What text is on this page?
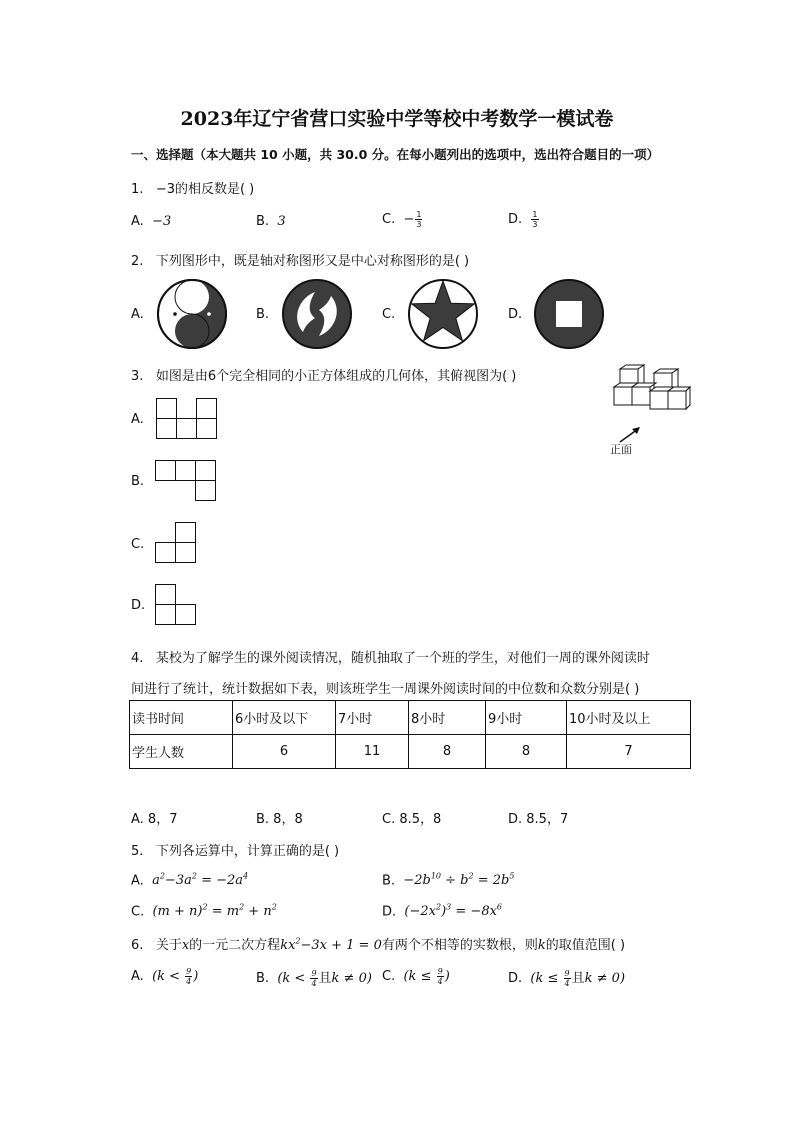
2023年辽宁省营口实验中学等校中考数学一模试卷
一、选择题（本大题共 10 小题，共 30.0 分。在每小题列出的选项中，选出符合题目的一项）
1. −3的相反数是( )
A. −3	B. 3	C. − $\frac{1}{3}$	D. $\frac{1}{3}$
2. 下列图形中，既是轴对称图形又是中心对称图形的是( )
A.	B.	C.	D.
3. 如图是由6个完全相同的小正方体组成的几何体，其俯视图为( )
正面
A.
B.
C.
D.
4. 某校为了解学生的课外阅读情况，随机抽取了一个班的学生，对他们一周的课外阅读时
间进行了统计，统计数据如下表，则该班学生一周课外阅读时间的中位数和众数分别是( )
读书时间	6小时及以下	7小时	8小时	9小时	10小时及以上
学生人数	6	11	8	8	7
A. 8，7	B. 8，8	C. 8.5，8	D. 8.5，7
5. 下列各运算中，计算正确的是( )
A. $a^2-3a^2 = -2a^4$	B. $-2b^{10} \div b^2 = 2b^5$
C. $(m + n)^2 = m^2 + n^2$	D. $(-2x^2)^3 = -8x^6$
6. 关于x的一元二次方程$kx^2-3x + 1 = 0$有两个不相等的实数根，则k的取值范围( )
A. ($k < \frac{9}{4}$ )	B. ($k < \frac{9}{4}$ 且k ≠ 0) C. ($k \le \frac{9}{4}$ )	D. ($k \le \frac{9}{4}$ 且k ≠ 0)
